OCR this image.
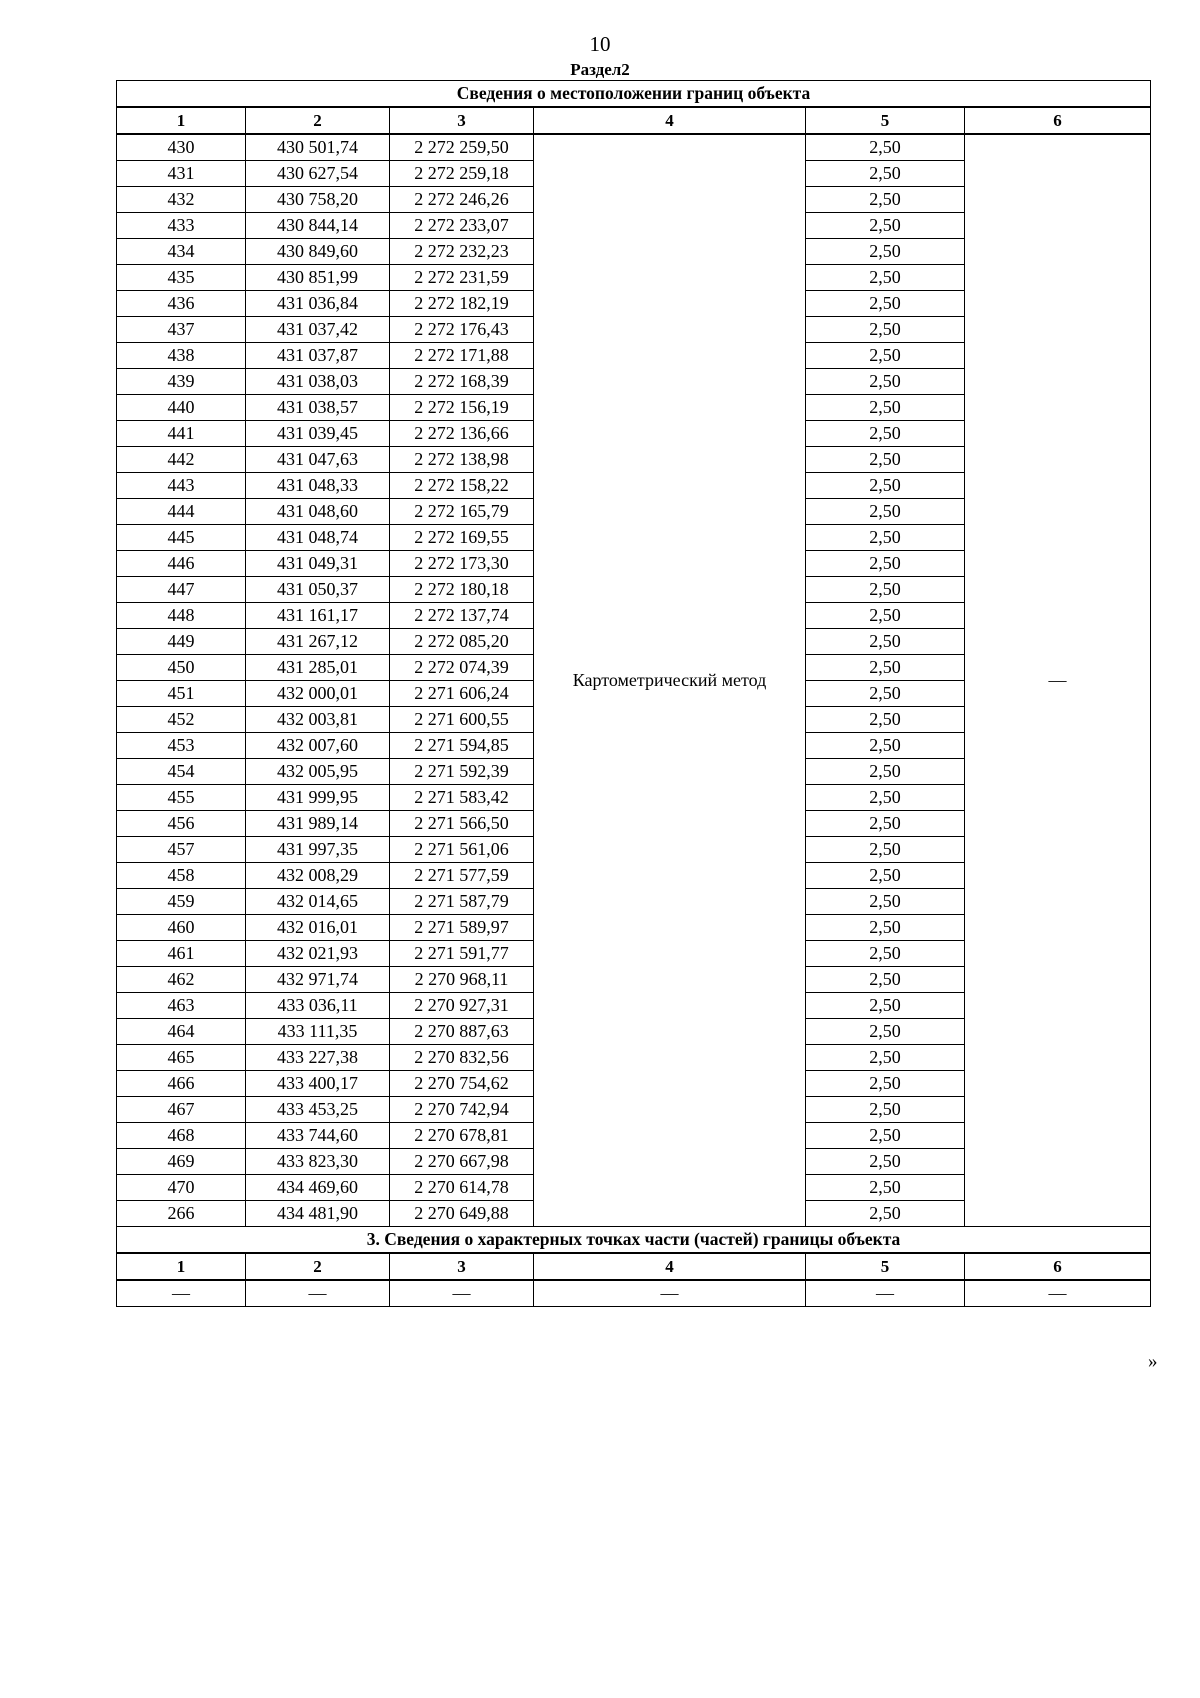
10
Раздел2
Сведения о местоположении границ объекта					
1	2	3	4	5	6
430	430 501,74	2 272 259,50	Картометрический метод	2,50	—
431	430 627,54	2 272 259,18		2,50	
432	430 758,20	2 272 246,26		2,50	
433	430 844,14	2 272 233,07		2,50	
434	430 849,60	2 272 232,23		2,50	
435	430 851,99	2 272 231,59		2,50	
436	431 036,84	2 272 182,19		2,50	
437	431 037,42	2 272 176,43		2,50	
438	431 037,87	2 272 171,88		2,50	
439	431 038,03	2 272 168,39		2,50	
440	431 038,57	2 272 156,19		2,50	
441	431 039,45	2 272 136,66		2,50	
442	431 047,63	2 272 138,98		2,50	
443	431 048,33	2 272 158,22		2,50	
444	431 048,60	2 272 165,79		2,50	
445	431 048,74	2 272 169,55		2,50	
446	431 049,31	2 272 173,30		2,50	
447	431 050,37	2 272 180,18		2,50	
448	431 161,17	2 272 137,74		2,50	
449	431 267,12	2 272 085,20		2,50	
450	431 285,01	2 272 074,39		2,50	
451	432 000,01	2 271 606,24		2,50	
452	432 003,81	2 271 600,55		2,50	
453	432 007,60	2 271 594,85		2,50	
454	432 005,95	2 271 592,39		2,50	
455	431 999,95	2 271 583,42		2,50	
456	431 989,14	2 271 566,50		2,50	
457	431 997,35	2 271 561,06		2,50	
458	432 008,29	2 271 577,59		2,50	
459	432 014,65	2 271 587,79		2,50	
460	432 016,01	2 271 589,97		2,50	
461	432 021,93	2 271 591,77		2,50	
462	432 971,74	2 270 968,11		2,50	
463	433 036,11	2 270 927,31		2,50	
464	433 111,35	2 270 887,63		2,50	
465	433 227,38	2 270 832,56		2,50	
466	433 400,17	2 270 754,62		2,50	
467	433 453,25	2 270 742,94		2,50	
468	433 744,60	2 270 678,81		2,50	
469	433 823,30	2 270 667,98		2,50	
470	434 469,60	2 270 614,78		2,50	
266	434 481,90	2 270 649,88		2,50	
3. Сведения о характерных точках части (частей) границы объекта					
1	2	3	4	5	6
—	—	—	—	—	—
»
